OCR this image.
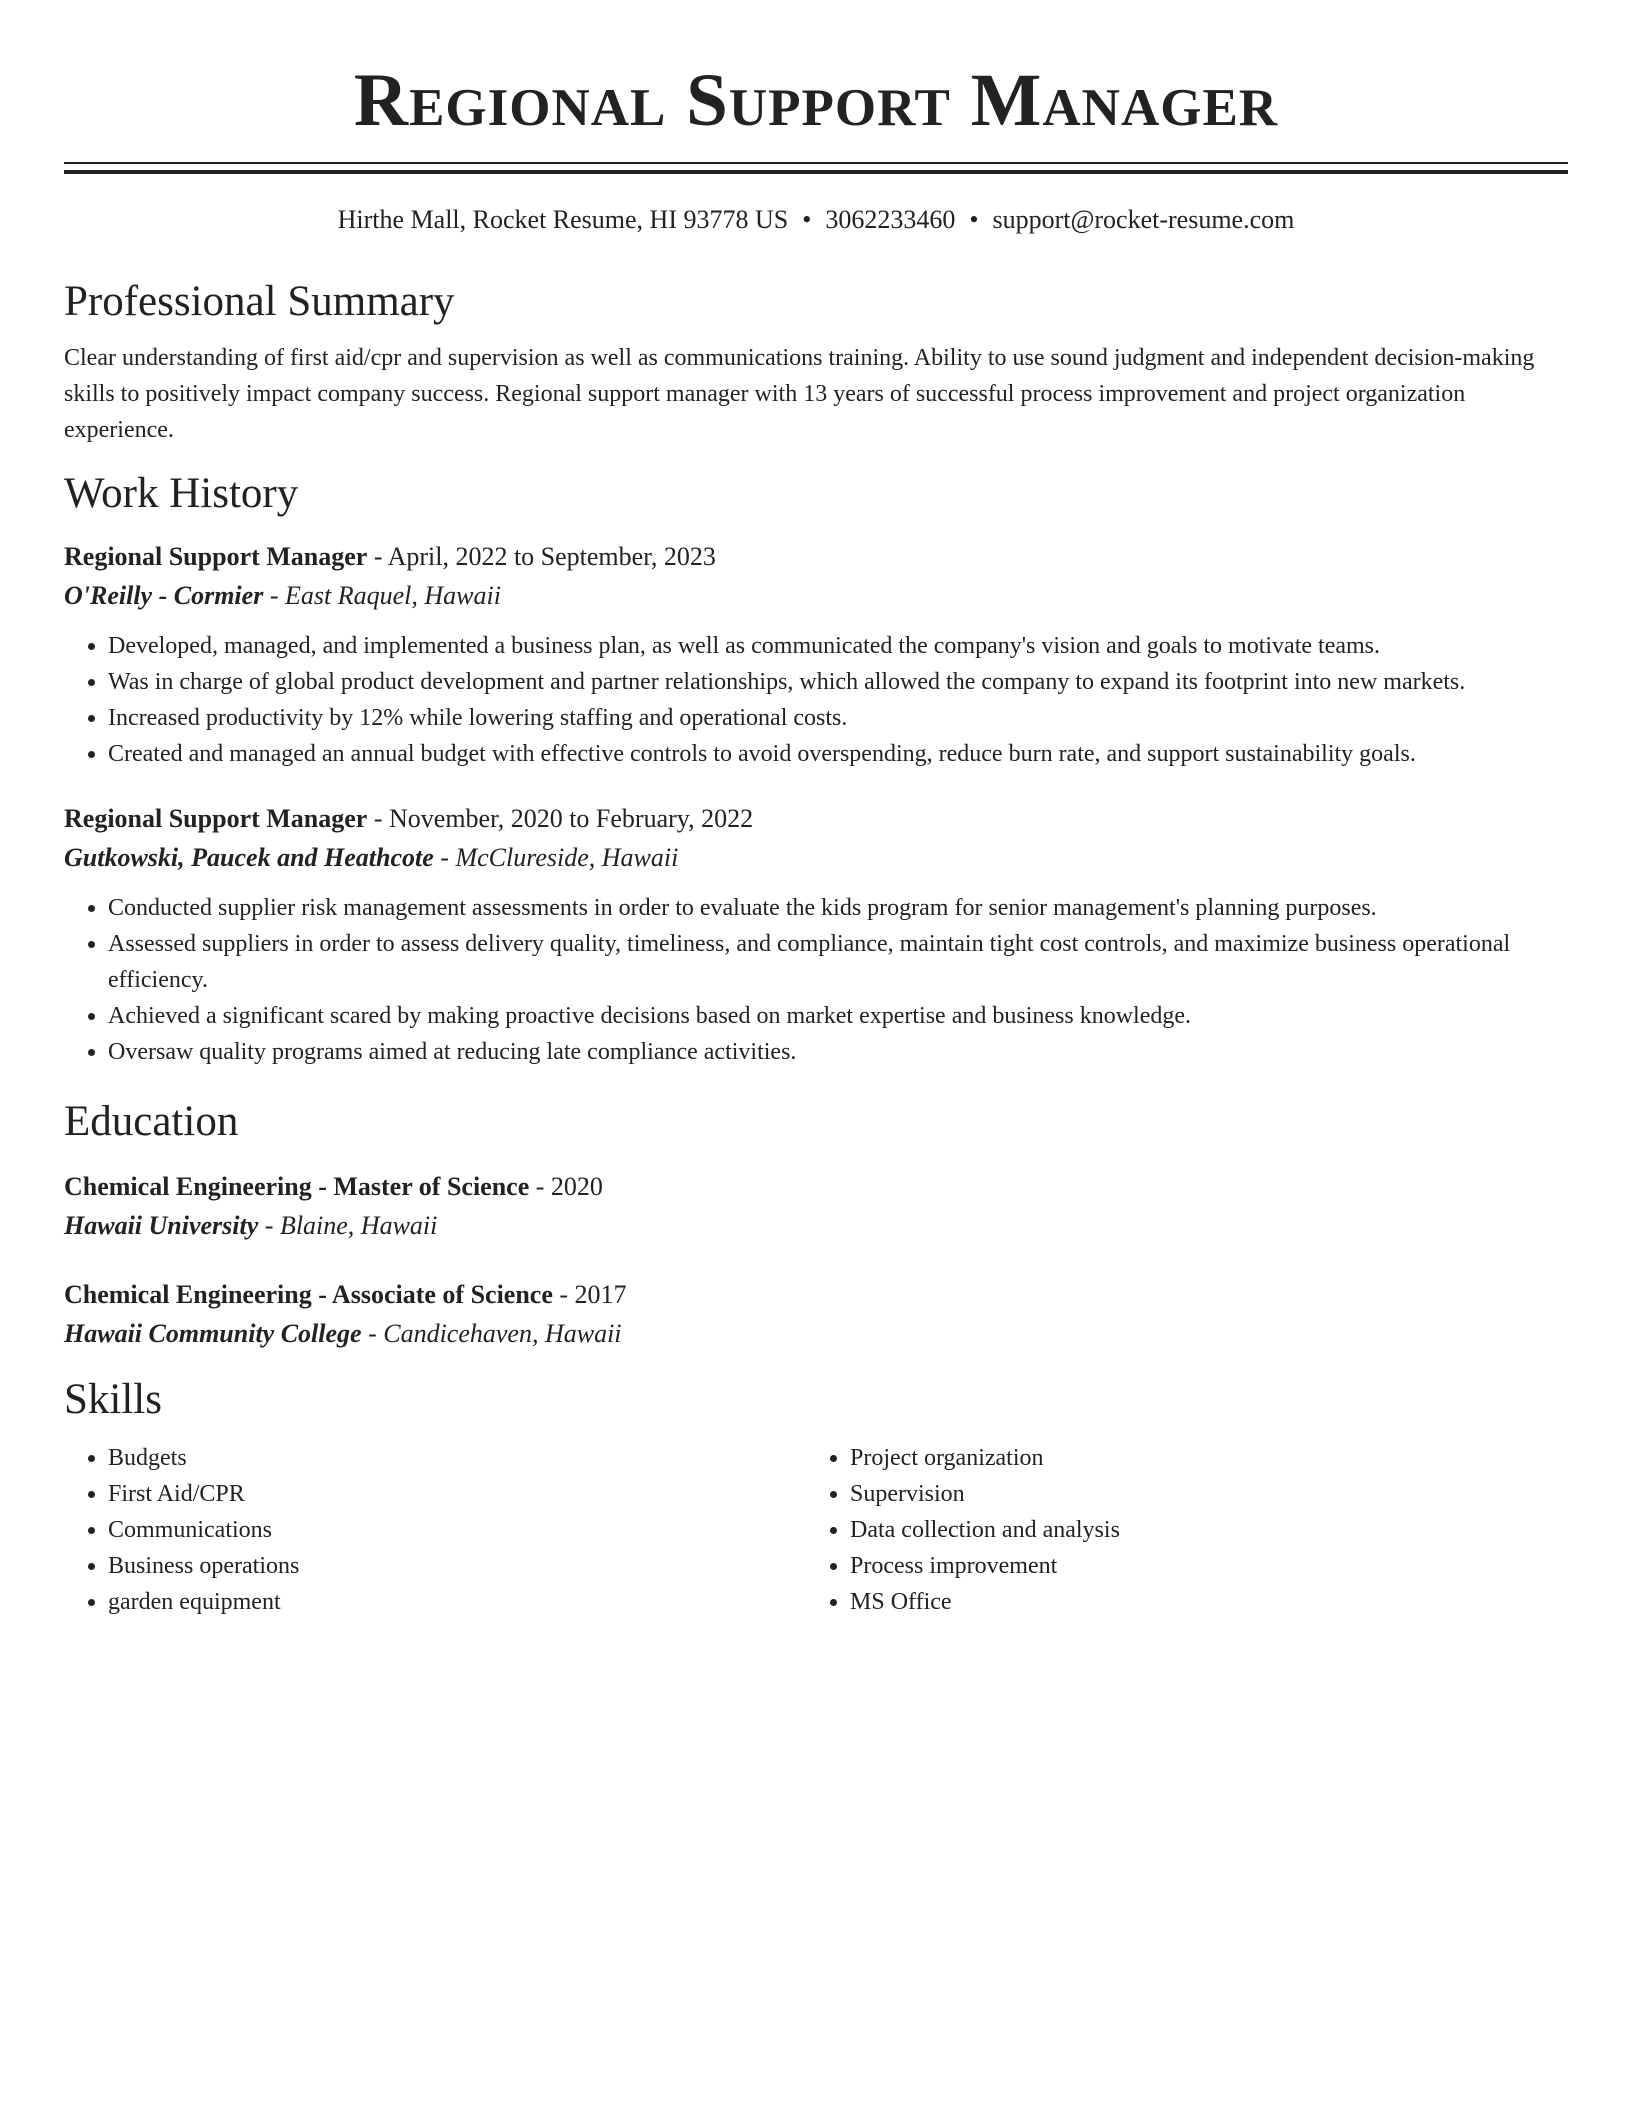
Regional Support Manager
Hirthe Mall, Rocket Resume, HI 93778 US • 3062233460 • support@rocket-resume.com
Professional Summary
Clear understanding of first aid/cpr and supervision as well as communications training. Ability to use sound judgment and independent decision-making skills to positively impact company success. Regional support manager with 13 years of successful process improvement and project organization experience.
Work History
Regional Support Manager - April, 2022 to September, 2023
O'Reilly - Cormier - East Raquel, Hawaii
• Developed, managed, and implemented a business plan, as well as communicated the company's vision and goals to motivate teams.
• Was in charge of global product development and partner relationships, which allowed the company to expand its footprint into new markets.
• Increased productivity by 12% while lowering staffing and operational costs.
• Created and managed an annual budget with effective controls to avoid overspending, reduce burn rate, and support sustainability goals.
Regional Support Manager - November, 2020 to February, 2022
Gutkowski, Paucek and Heathcote - McClureside, Hawaii
• Conducted supplier risk management assessments in order to evaluate the kids program for senior management's planning purposes.
• Assessed suppliers in order to assess delivery quality, timeliness, and compliance, maintain tight cost controls, and maximize business operational efficiency.
• Achieved a significant scared by making proactive decisions based on market expertise and business knowledge.
• Oversaw quality programs aimed at reducing late compliance activities.
Education
Chemical Engineering - Master of Science - 2020
Hawaii University - Blaine, Hawaii
Chemical Engineering - Associate of Science - 2017
Hawaii Community College - Candicehaven, Hawaii
Skills
• Budgets
• First Aid/CPR
• Communications
• Business operations
• garden equipment
• Project organization
• Supervision
• Data collection and analysis
• Process improvement
• MS Office
